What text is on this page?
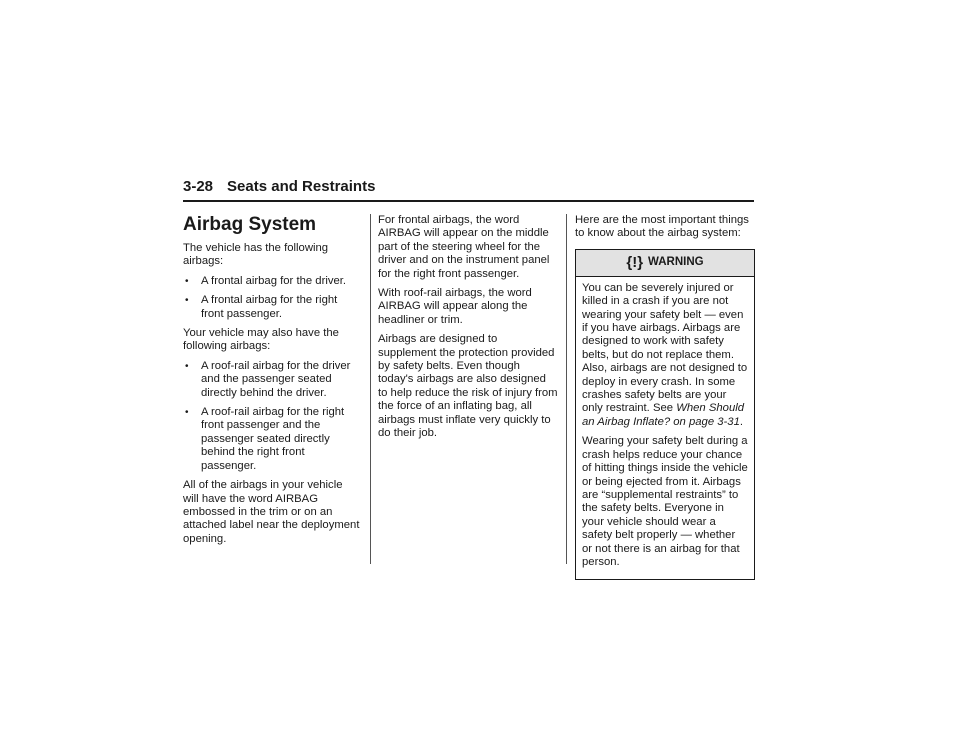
3-28 Seats and Restraints
Airbag System

The vehicle has the following airbags:

• A frontal airbag for the driver.
• A frontal airbag for the right front passenger.

Your vehicle may also have the following airbags:

• A roof-rail airbag for the driver and the passenger seated directly behind the driver.
• A roof-rail airbag for the right front passenger and the passenger seated directly behind the right front passenger.

All of the airbags in your vehicle will have the word AIRBAG embossed in the trim or on an attached label near the deployment opening.

For frontal airbags, the word AIRBAG will appear on the middle part of the steering wheel for the driver and on the instrument panel for the right front passenger.

With roof-rail airbags, the word AIRBAG will appear along the headliner or trim.

Airbags are designed to supplement the protection provided by safety belts. Even though today's airbags are also designed to help reduce the risk of injury from the force of an inflating bag, all airbags must inflate very quickly to do their job.

Here are the most important things to know about the airbag system:

{!} WARNING

You can be severely injured or killed in a crash if you are not wearing your safety belt — even if you have airbags. Airbags are designed to work with safety belts, but do not replace them. Also, airbags are not designed to deploy in every crash. In some crashes safety belts are your only restraint. See When Should an Airbag Inflate? on page 3-31.

Wearing your safety belt during a crash helps reduce your chance of hitting things inside the vehicle or being ejected from it. Airbags are “supplemental restraints” to the safety belts. Everyone in your vehicle should wear a safety belt properly — whether or not there is an airbag for that person.
